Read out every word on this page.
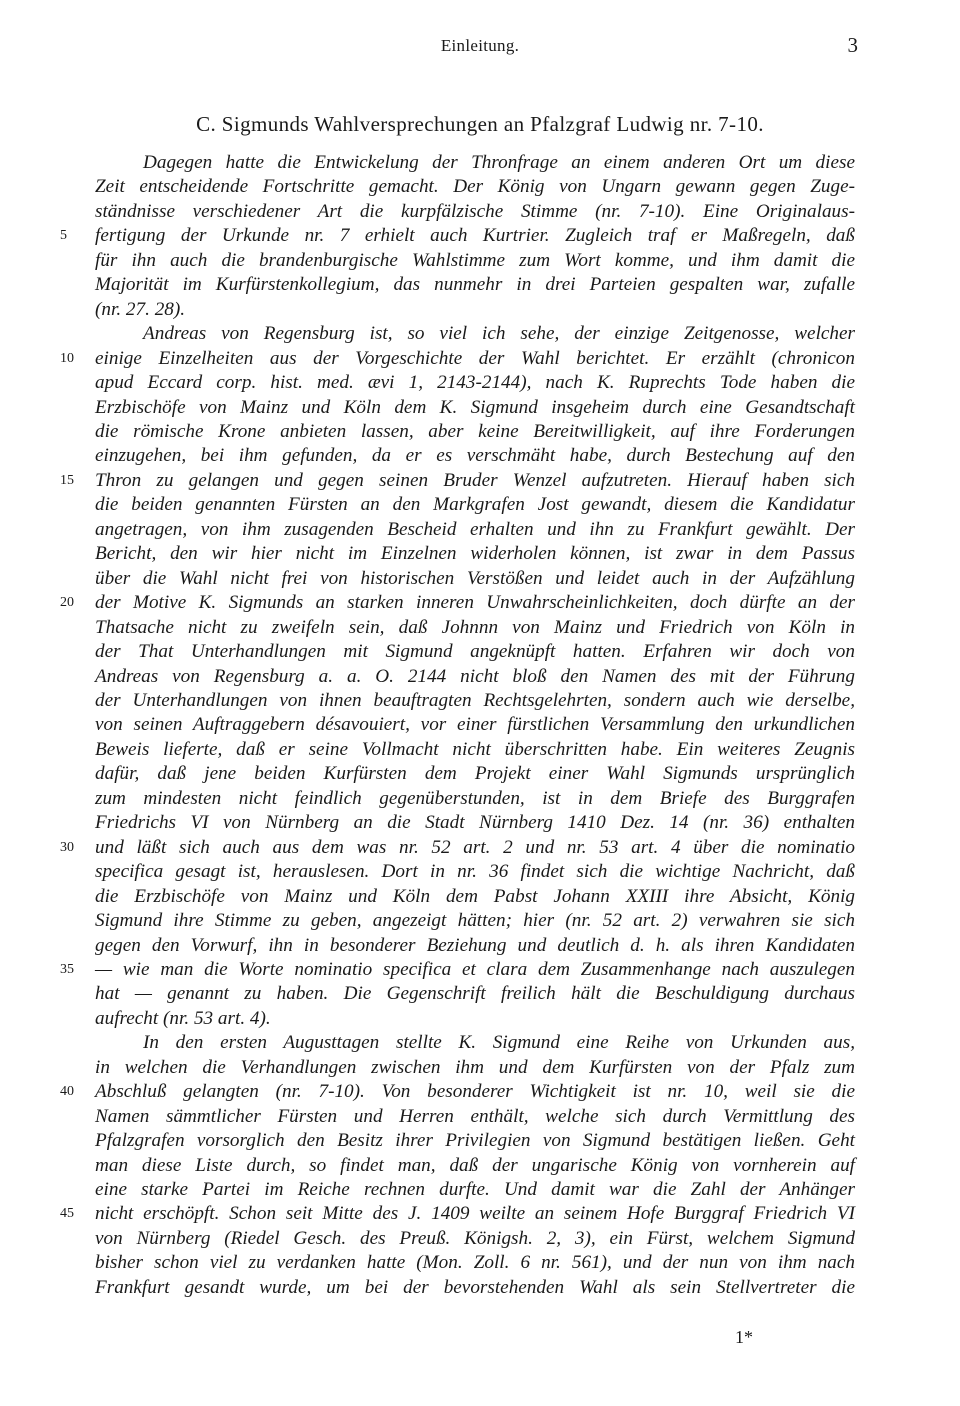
Einleitung.	3
C. Sigmunds Wahlversprechungen an Pfalzgraf Ludwig nr. 7-10.
Dagegen hatte die Entwickelung der Thronfrage an einem anderen Ort um diese
Zeit entscheidende Fortschritte gemacht. Der König von Ungarn gewann gegen Zuge-
ständnisse verschiedener Art die kurpfälzische Stimme (nr. 7-10). Eine Originalaus-
5	fertigung der Urkunde nr. 7 erhielt auch Kurtrier. Zugleich traf er Maßregeln, daß
für ihn auch die brandenburgische Wahlstimme zum Wort komme, und ihm damit die
Majorität im Kurfürstenkollegium, das nunmehr in drei Parteien gespalten war, zufalle
(nr. 27. 28).
Andreas von Regensburg ist, so viel ich sehe, der einzige Zeitgenosse, welcher
10	einige Einzelheiten aus der Vorgeschichte der Wahl berichtet. Er erzählt (chronicon
apud Eccard corp. hist. med. ævi 1, 2143-2144), nach K. Ruprechts Tode haben die
Erzbischöfe von Mainz und Köln dem K. Sigmund insgeheim durch eine Gesandtschaft
die römische Krone anbieten lassen, aber keine Bereitwilligkeit, auf ihre Forderungen
einzugehen, bei ihm gefunden, da er es verschmäht habe, durch Bestechung auf den
15	Thron zu gelangen und gegen seinen Bruder Wenzel aufzutreten. Hierauf haben sich
die beiden genannten Fürsten an den Markgrafen Jost gewandt, diesem die Kandidatur
angetragen, von ihm zusagenden Bescheid erhalten und ihn zu Frankfurt gewählt. Der
Bericht, den wir hier nicht im Einzelnen widerholen können, ist zwar in dem Passus
über die Wahl nicht frei von historischen Verstößen und leidet auch in der Aufzählung
20	der Motive K. Sigmunds an starken inneren Unwahrscheinlichkeiten, doch dürfte an der
Thatsache nicht zu zweifeln sein, daß Johnnn von Mainz und Friedrich von Köln in
der That Unterhandlungen mit Sigmund angeknüpft hatten. Erfahren wir doch von
Andreas von Regensburg a. a. O. 2144 nicht bloß den Namen des mit der Führung
der Unterhandlungen von ihnen beauftragten Rechtsgelehrten, sondern auch wie derselbe,
von seinen Auftraggebern désavouiert, vor einer fürstlichen Versammlung den urkundlichen
Beweis lieferte, daß er seine Vollmacht nicht überschritten habe. Ein weiteres Zeugnis
dafür, daß jene beiden Kurfürsten dem Projekt einer Wahl Sigmunds ursprünglich
zum mindesten nicht feindlich gegenüberstunden, ist in dem Briefe des Burggrafen
Friedrichs VI von Nürnberg an die Stadt Nürnberg 1410 Dez. 14 (nr. 36) enthalten
30	und läßt sich auch aus dem was nr. 52 art. 2 und nr. 53 art. 4 über die nominatio
specifica gesagt ist, herauslesen. Dort in nr. 36 findet sich die wichtige Nachricht, daß
die Erzbischöfe von Mainz und Köln dem Pabst Johann XXIII ihre Absicht, König
Sigmund ihre Stimme zu geben, angezeigt hätten; hier (nr. 52 art. 2) verwahren sie sich
gegen den Vorwurf, ihn in besonderer Beziehung und deutlich d. h. als ihren Kandidaten
35	— wie man die Worte nominatio specifica et clara dem Zusammenhange nach auszulegen
hat — genannt zu haben. Die Gegenschrift freilich hält die Beschuldigung durchaus
aufrecht (nr. 53 art. 4).
In den ersten Augusttagen stellte K. Sigmund eine Reihe von Urkunden aus,
in welchen die Verhandlungen zwischen ihm und dem Kurfürsten von der Pfalz zum
40	Abschluß gelangten (nr. 7-10). Von besonderer Wichtigkeit ist nr. 10, weil sie die
Namen sämmtlicher Fürsten und Herren enthält, welche sich durch Vermittlung des
Pfalzgrafen vorsorglich den Besitz ihrer Privilegien von Sigmund bestätigen ließen. Geht
man diese Liste durch, so findet man, daß der ungarische König von vornherein auf
eine starke Partei im Reiche rechnen durfte. Und damit war die Zahl der Anhänger
45	nicht erschöpft. Schon seit Mitte des J. 1409 weilte an seinem Hofe Burggraf Friedrich VI
von Nürnberg (Riedel Gesch. des Preuß. Königsh. 2, 3), ein Fürst, welchem Sigmund
bisher schon viel zu verdanken hatte (Mon. Zoll. 6 nr. 561), und der nun von ihm nach
Frankfurt gesandt wurde, um bei der bevorstehenden Wahl als sein Stellvertreter die
1*
